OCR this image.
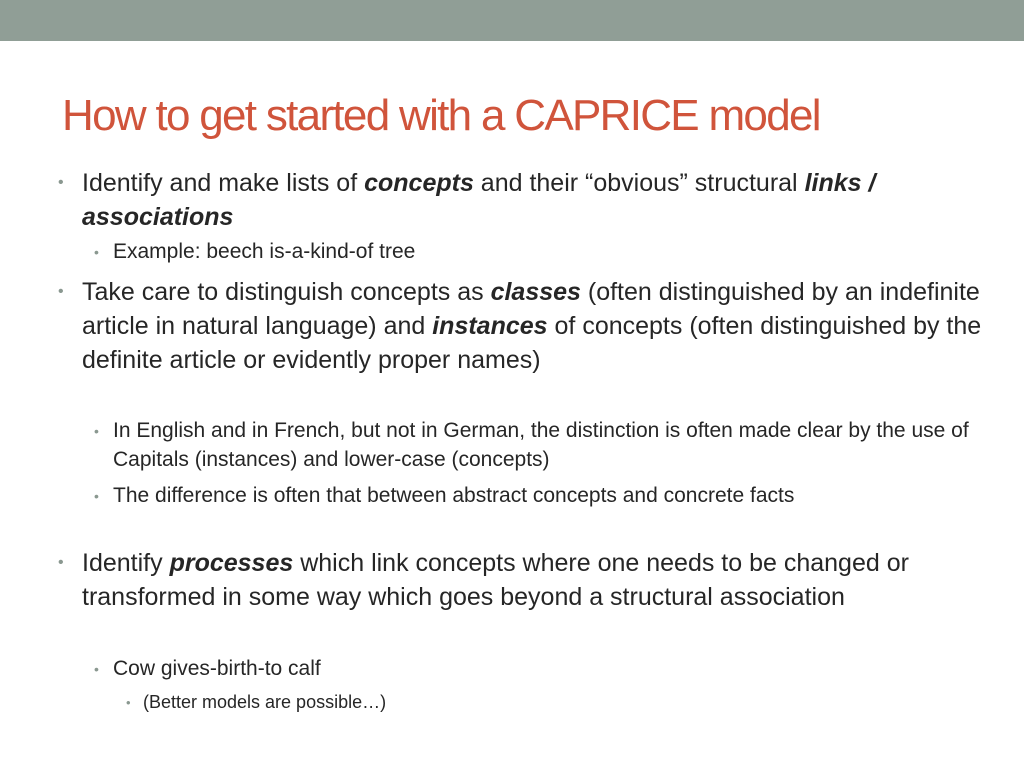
How to get started with a CAPRICE model

• Identify and make lists of concepts and their “obvious” structural links / associations

• Example: beech is-a-kind-of tree

• Take care to distinguish concepts as classes (often distinguished by an indefinite article in natural language) and instances of concepts (often distinguished by the definite article or evidently proper names)

• In English and in French, but not in German, the distinction is often made clear by the use of Capitals (instances) and lower-case (concepts)

• The difference is often that between abstract concepts and concrete facts

• Identify processes which link concepts where one needs to be changed or transformed in some way which goes beyond a structural association

• Cow gives-birth-to calf

• (Better models are possible…)
